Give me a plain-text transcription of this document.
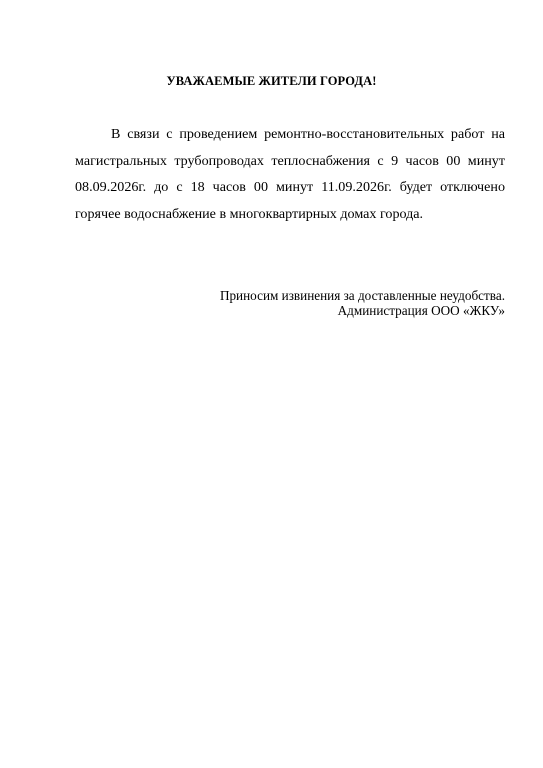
УВАЖАЕМЫЕ ЖИТЕЛИ ГОРОДА!

В связи с проведением ремонтно-восстановительных работ на магистральных трубопроводах теплоснабжения с 9 часов 00 минут 08.09.2026г. до с 18 часов 00 минут 11.09.2026г. будет отключено горячее водоснабжение в многоквартирных домах города.

Приносим извинения за доставленные неудобства.
Администрация ООО «ЖКУ»
